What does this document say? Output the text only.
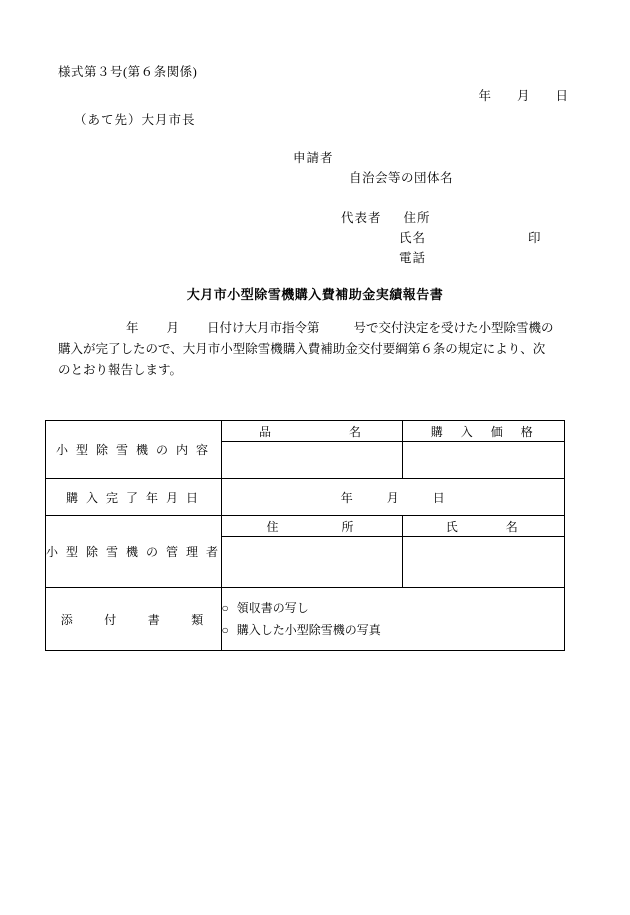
様式第３号(第６条関係)
年 月 日
（あて先）大月市長
申請者
自治会等の団体名
代表者 住所
氏名	印
電話
大月市小型除雪機購入費補助金実績報告書
年 月 日付け大月市指令第	号で交付決定を受けた小型除雪機の
購入が完了したので、大月市小型除雪機購入費補助金交付要綱第６条の規定により、次
のとおり報告します。
小 型 除 雪 機 の 内 容	品　　　　　名	購　入　価　格

購 入 完 了 年 月 日	年 月 日	
小 型 除 雪 機 の 管 理 者	住　　　　所	氏　　　名

添　　付　　書　　類	○ 領収書の写し
○ 購入した小型除雪機の写真	
